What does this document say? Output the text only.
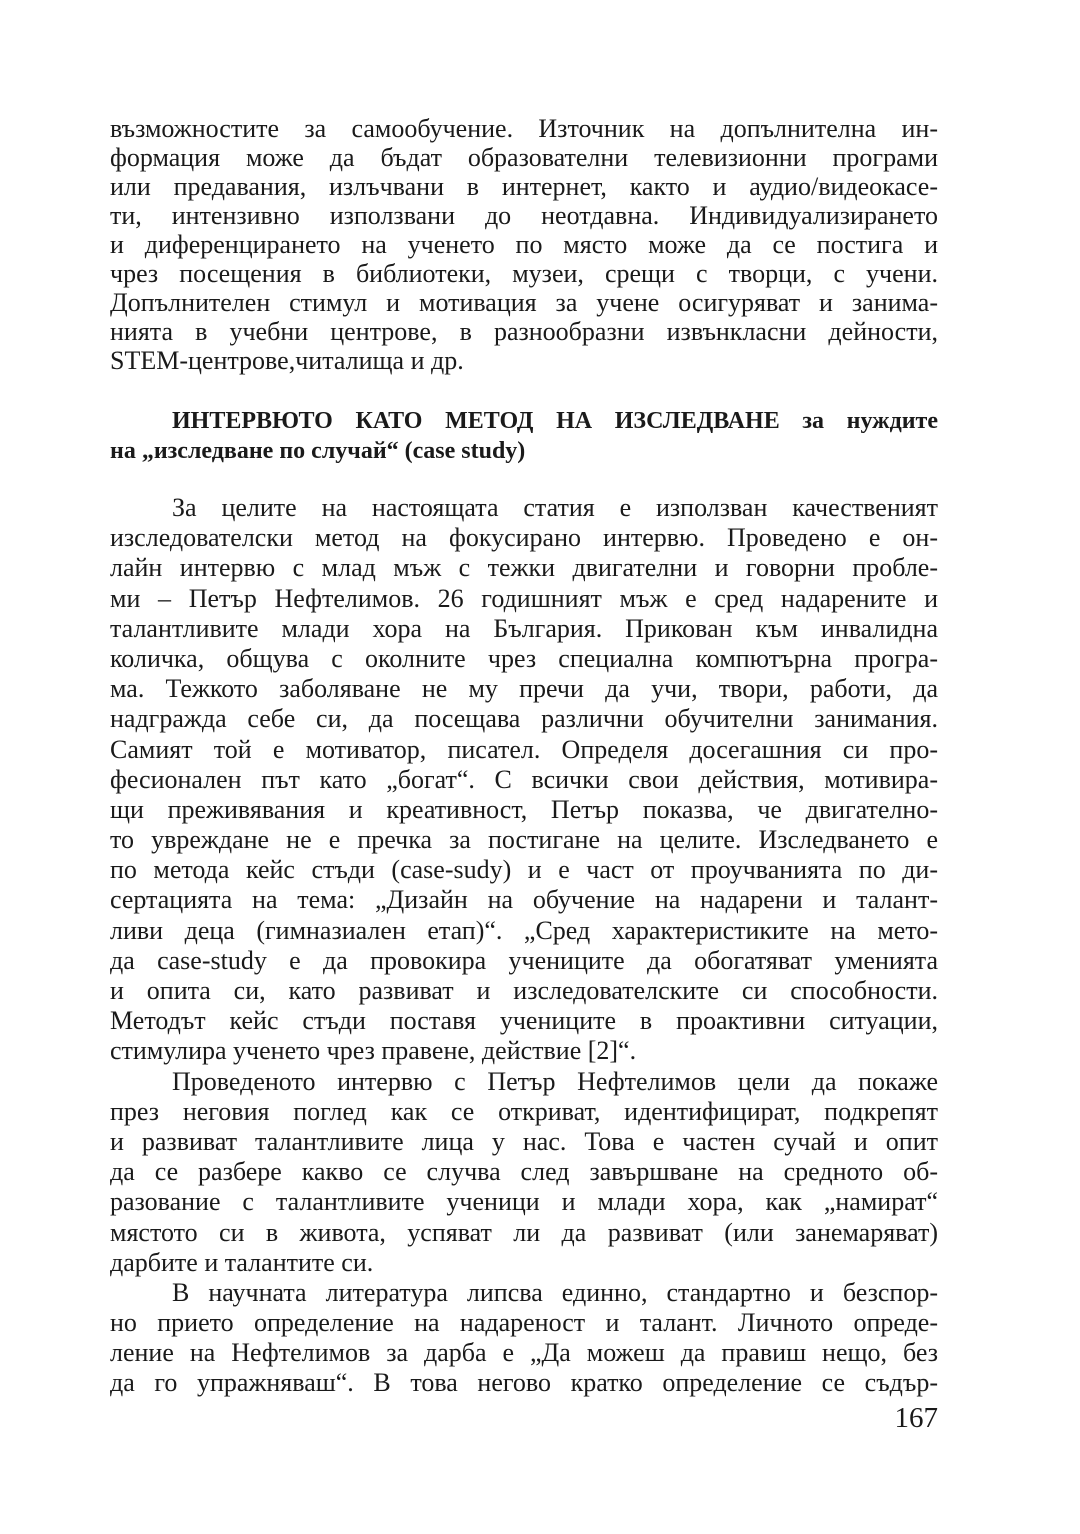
възможностите за самообучение. Източник на допълнителна ин-
формация може да бъдат образователни телевизионни програми
или предавания, излъчвани в интернет, както и аудио/видеокасе-
ти, интензивно използвани до неотдавна. Индивидуализирането
и диференцирането на ученето по място може да се постига и
чрез посещения в библиотеки, музеи, срещи с творци, с учени.
Допълнителен стимул и мотивация за учене осигуряват и занима-
нията в учебни центрове, в разнообразни извънкласни дейности,
STEM-центрове,читалища и др.
ИНТЕРВЮТО КАТО МЕТОД НА ИЗСЛЕДВАНЕ за нуждите
на „изследване по случай“ (case study)
За целите на настоящата статия е използван качественият
изследователски метод на фокусирано интервю. Проведено е он-
лайн интервю с млад мъж с тежки двигателни и говорни пробле-
ми – Петър Нефтелимов. 26 годишният мъж е сред надарените и
талантливите млади хора на България. Прикован към инвалидна
количка, общува с околните чрез специална компютърна програ-
ма. Тежкото заболяване не му пречи да учи, твори, работи, да
надгражда себе си, да посещава различни обучителни занимания.
Самият той е мотиватор, писател. Определя досегашния си про-
фесионален път като „богат“. С всички свои действия, мотивира-
щи преживявания и креативност, Петър показва, че двигателно-
то увреждане не е пречка за постигане на целите. Изследването е
по метода кейс стъди (case-sudy) и е част от проучванията по ди-
сертацията на тема: „Дизайн на обучение на надарени и талант-
ливи деца (гимназиален етап)“. „Сред характеристиките на мето-
да case-study е да провокира учениците да обогатяват уменията
и опита си, като развиват и изследователските си способности.
Методът кейс стъди поставя учениците в проактивни ситуации,
стимулира ученето чрез правене, действие [2]“.
Проведеното интервю с Петър Нефтелимов цели да покаже
през неговия поглед как се откриват, идентифицират, подкрепят
и развиват талантливите лица у нас. Това е частен сучай и опит
да се разбере какво се случва след завършване на средното об-
разование с талантливите ученици и млади хора, как „намират“
мястото си в живота, успяват ли да развиват (или занемаряват)
дарбите и талантите си.
В научната литература липсва единно, стандартно и безспор-
но прието определение на надареност и талант. Личното опреде-
ление на Нефтелимов за дарба е „Да можеш да правиш нещо, без
да го упражняваш“. В това негово кратко определение се съдър-
167
